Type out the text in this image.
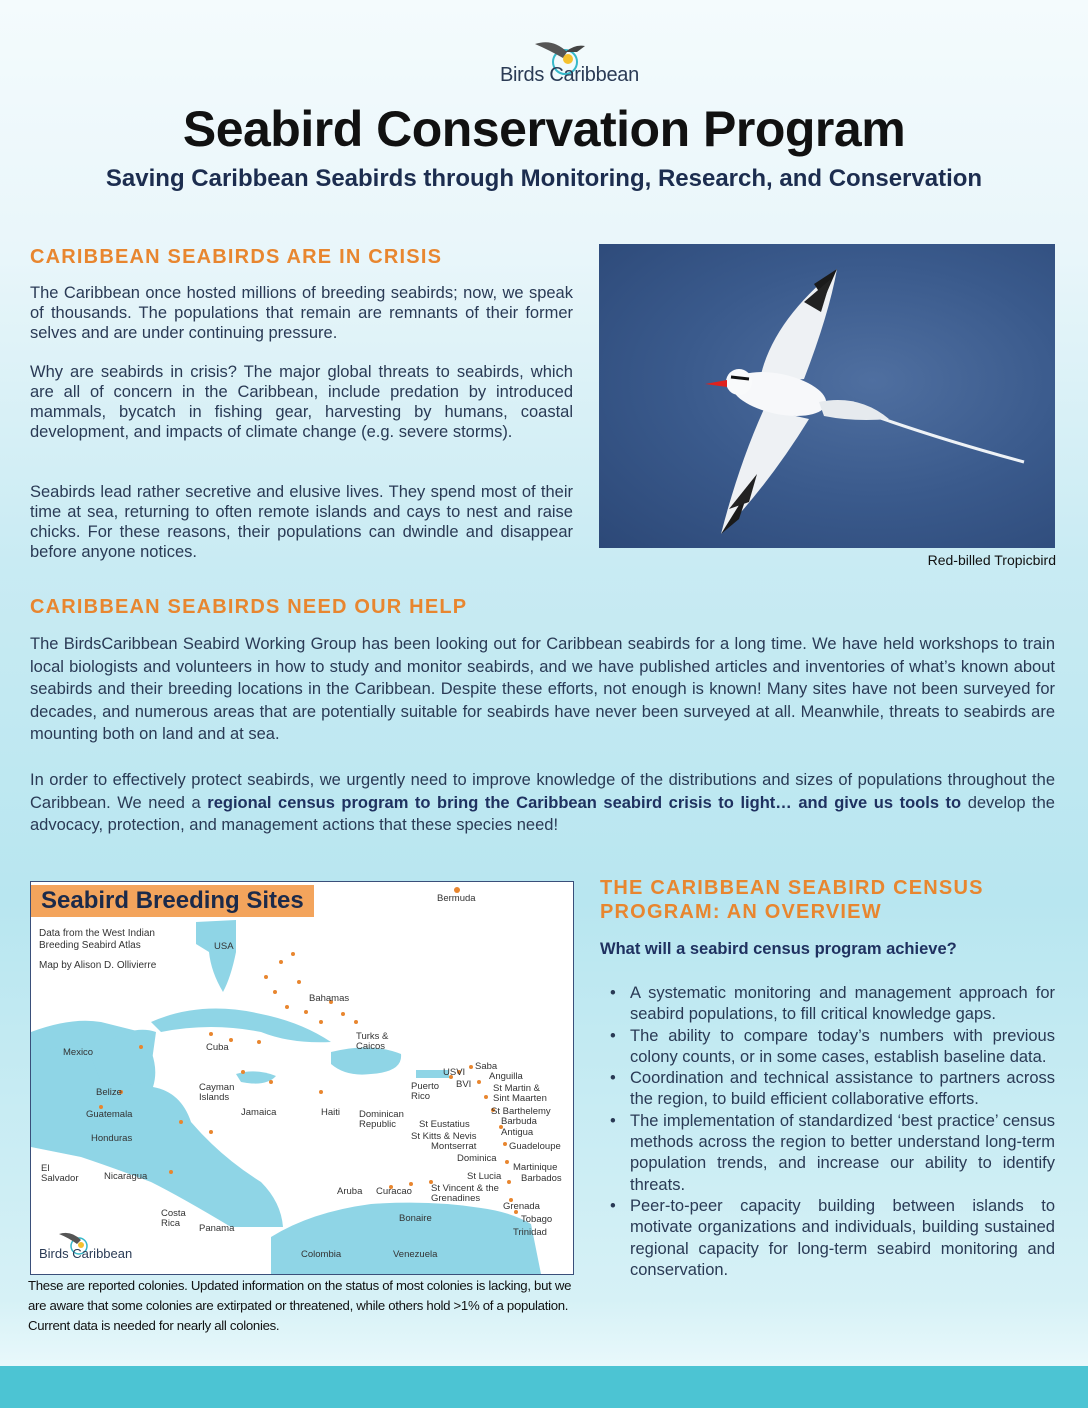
Birds Caribbean
Seabird Conservation Program
Saving Caribbean Seabirds through Monitoring, Research, and Conservation
CARIBBEAN SEABIRDS ARE IN CRISIS

The Caribbean once hosted millions of breeding seabirds; now, we speak of thousands. The populations that remain are remnants of their former selves and are under continuing pressure.

Why are seabirds in crisis? The major global threats to seabirds, which are all of concern in the Caribbean, include predation by introduced mammals, bycatch in fishing gear, harvesting by humans, coastal development, and impacts of climate change (e.g. severe storms).

Seabirds lead rather secretive and elusive lives. They spend most of their time at sea, returning to often remote islands and cays to nest and raise chicks. For these reasons, their populations can dwindle and disappear before anyone notices.	Red-billed Tropicbird
CARIBBEAN SEABIRDS NEED OUR HELP

The BirdsCaribbean Seabird Working Group has been looking out for Caribbean seabirds for a long time. We have held workshops to train local biologists and volunteers in how to study and monitor seabirds, and we have published articles and inventories of what’s known about seabirds and their breeding locations in the Caribbean. Despite these efforts, not enough is known! Many sites have not been surveyed for decades, and numerous areas that are potentially suitable for seabirds have never been surveyed at all. Meanwhile, threats to seabirds are mounting both on land and at sea.

In order to effectively protect seabirds, we urgently need to improve knowledge of the distributions and sizes of populations throughout the Caribbean. We need a regional census program to bring the Caribbean seabird crisis to light… and give us tools to develop the advocacy, protection, and management actions that these species need!

Seabird Breeding Sites
Data from the West Indian Breeding Seabird Atlas
Map by Alison D. Ollivierre
Bermuda
USA
Bahamas
Turks & Caicos
Mexico	Cuba
Cayman Islands
Belize
Guatemala	Jamaica	Haiti Dominican Republic
Honduras
El Salvador	Nicaragua
Costa Rica	Panama
Colombia	Venezuela
Puerto Rico
USVI
BVI
Saba
Anguilla
St Martin & Sint Maarten
St Barthelemy
Barbuda
Antigua
St Eustatius
St Kitts & Nevis
Montserrat	Guadeloupe
Dominica
Martinique
St Lucia Barbados
St Vincent & the Grenadines
Aruba Curacao
Bonaire
Grenada
Tobago
Trinidad
Birds Caribbean
These are reported colonies. Updated information on the status of most colonies is lacking, but we are aware that some colonies are extirpated or threatened, while others hold >1% of a population. Current data is needed for nearly all colonies.
THE CARIBBEAN SEABIRD CENSUS
PROGRAM: AN OVERVIEW
What will a seabird census program achieve?
• A systematic monitoring and management approach for seabird populations, to fill critical knowledge gaps.
• The ability to compare today’s numbers with previous colony counts, or in some cases, establish baseline data.
• Coordination and technical assistance to partners across the region, to build efficient collaborative efforts.
• The implementation of standardized ‘best practice’ census methods across the region to better understand long-term population trends, and increase our ability to identify threats.
• Peer-to-peer capacity building between islands to motivate organizations and individuals, building sustained regional capacity for long-term seabird monitoring and conservation.
